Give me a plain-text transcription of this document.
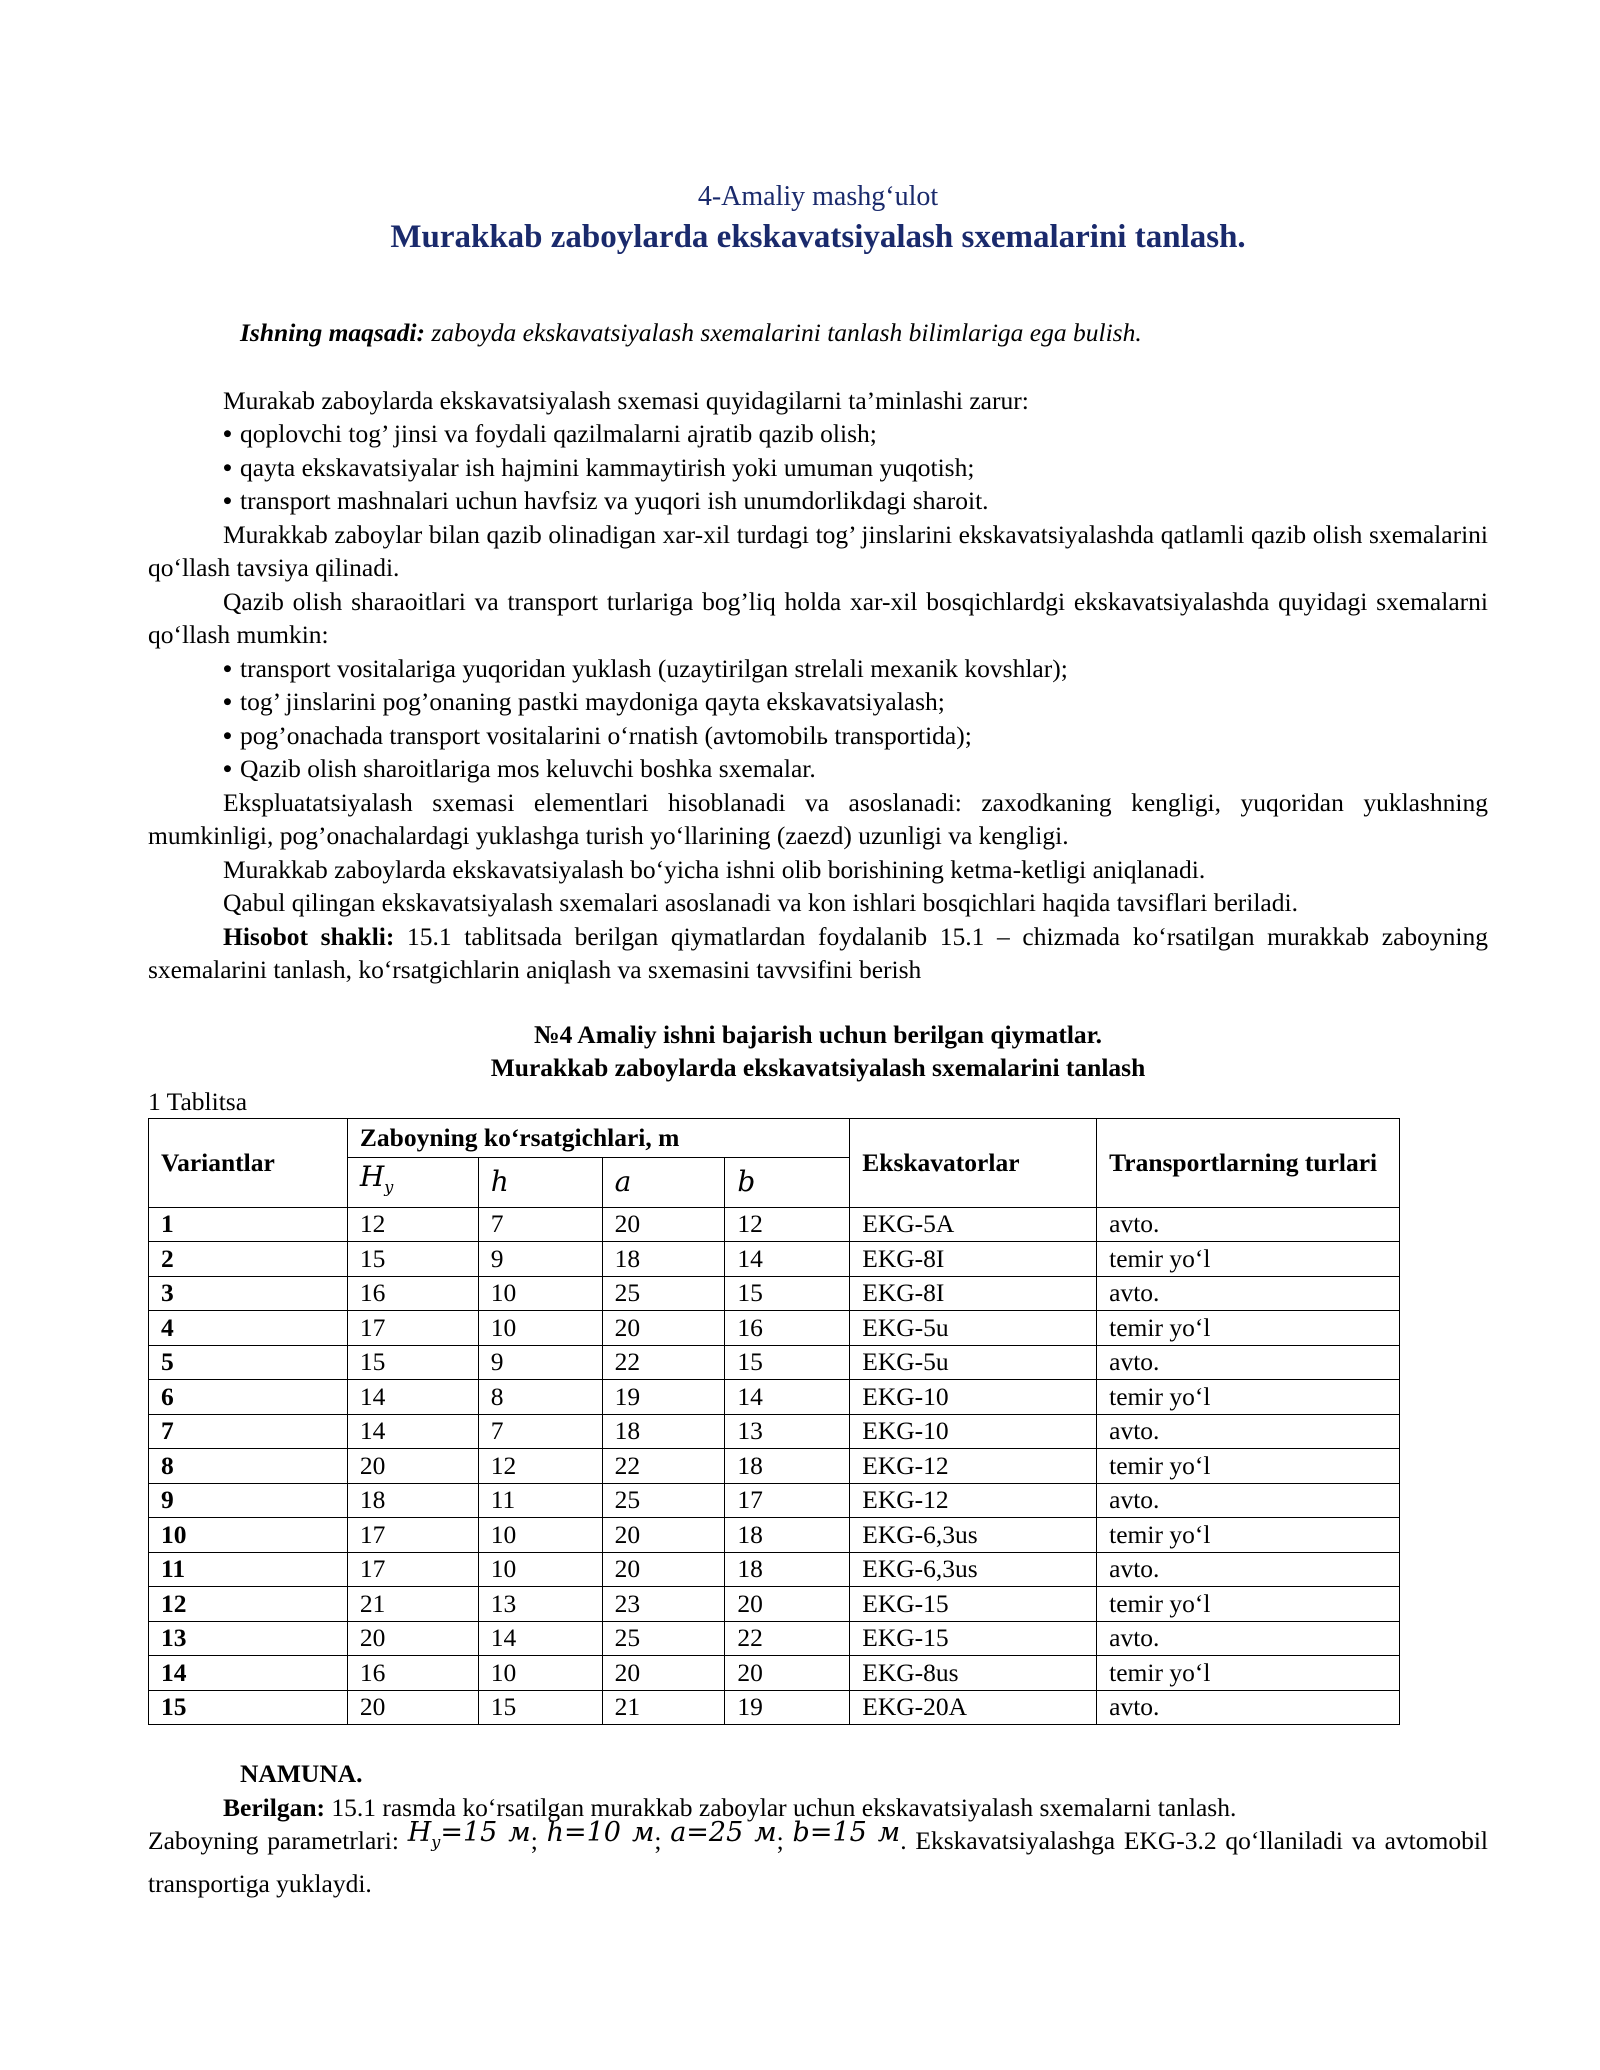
4-Amaliy mashg‘ulot
Murakkab zaboylarda ekskavatsiyalash sxemalarini tanlash.
Ishning maqsadi: zaboyda ekskavatsiyalash sxemalarini tanlash bilimlariga ega bulish.

Murakab zaboylarda ekskavatsiyalash sxemasi quyidagilarni ta’minlashi zarur:

• qoplovchi tog’ jinsi va foydali qazilmalarni ajratib qazib olish;

• qayta ekskavatsiyalar ish hajmini kammaytirish yoki umuman yuqotish;

• transport mashnalari uchun havfsiz va yuqori ish unumdorlikdagi sharoit.

Murakkab zaboylar bilan qazib olinadigan xar-xil turdagi tog’ jinslarini ekskavatsiyalashda qatlamli qazib olish sxemalarini qo‘llash tavsiya qilinadi.

Qazib olish sharaoitlari va transport turlariga bog’liq holda xar-xil bosqichlardgi ekskavatsiyalashda quyidagi sxemalarni qo‘llash mumkin:

• transport vositalariga yuqoridan yuklash (uzaytirilgan strelali mexanik kovshlar);

• tog’ jinslarini pog’onaning pastki maydoniga qayta ekskavatsiyalash;

• pog’onachada transport vositalarini o‘rnatish (avtomobilь transportida);

• Qazib olish sharoitlariga mos keluvchi boshka sxemalar.

Ekspluatatsiyalash sxemasi elementlari hisoblanadi va asoslanadi: zaxodkaning kengligi, yuqoridan yuklashning mumkinligi, pog’onachalardagi yuklashga turish yo‘llarining (zaezd) uzunligi va kengligi.

Murakkab zaboylarda ekskavatsiyalash bo‘yicha ishni olib borishining ketma-ketligi aniqlanadi.

Qabul qilingan ekskavatsiyalash sxemalari asoslanadi va kon ishlari bosqichlari haqida tavsiflari beriladi.

Hisobot shakli: 15.1 tablitsada berilgan qiymatlardan foydalanib 15.1 – chizmada ko‘rsatilgan murakkab zaboyning sxemalarini tanlash, ko‘rsatgichlarin aniqlash va sxemasini tavvsifini berish

№4 Amaliy ishni bajarish uchun berilgan qiymatlar.
Murakkab zaboylarda ekskavatsiyalash sxemalarini tanlash

1 Tablitsa

Variantlar	Zaboyning ko‘rsatgichlari, m				Ekskavatorlar	Transportlarning turlari
	$H_y$	h	a	b		
1	12	7	20	12	EKG-5A	avto.
2	15	9	18	14	EKG-8I	temir yo‘l
3	16	10	25	15	EKG-8I	avto.
4	17	10	20	16	EKG-5u	temir yo‘l
5	15	9	22	15	EKG-5u	avto.
6	14	8	19	14	EKG-10	temir yo‘l
7	14	7	18	13	EKG-10	avto.
8	20	12	22	18	EKG-12	temir yo‘l
9	18	11	25	17	EKG-12	avto.
10	17	10	20	18	EKG-6,3us	temir yo‘l
11	17	10	20	18	EKG-6,3us	avto.
12	21	13	23	20	EKG-15	temir yo‘l
13	20	14	25	22	EKG-15	avto.
14	16	10	20	20	EKG-8us	temir yo‘l
15	20	15	21	19	EKG-20A	avto.

NAMUNA.

Berilgan: 15.1 rasmda ko‘rsatilgan murakkab zaboylar uchun ekskavatsiyalash sxemalarni tanlash.

Zaboyning parametrlari: $H_y=15$ м; h=10 м; a=25 м; b=15 м. Ekskavatsiyalashga EKG-3.2 qo‘llaniladi va avtomobil transportiga yuklaydi.
